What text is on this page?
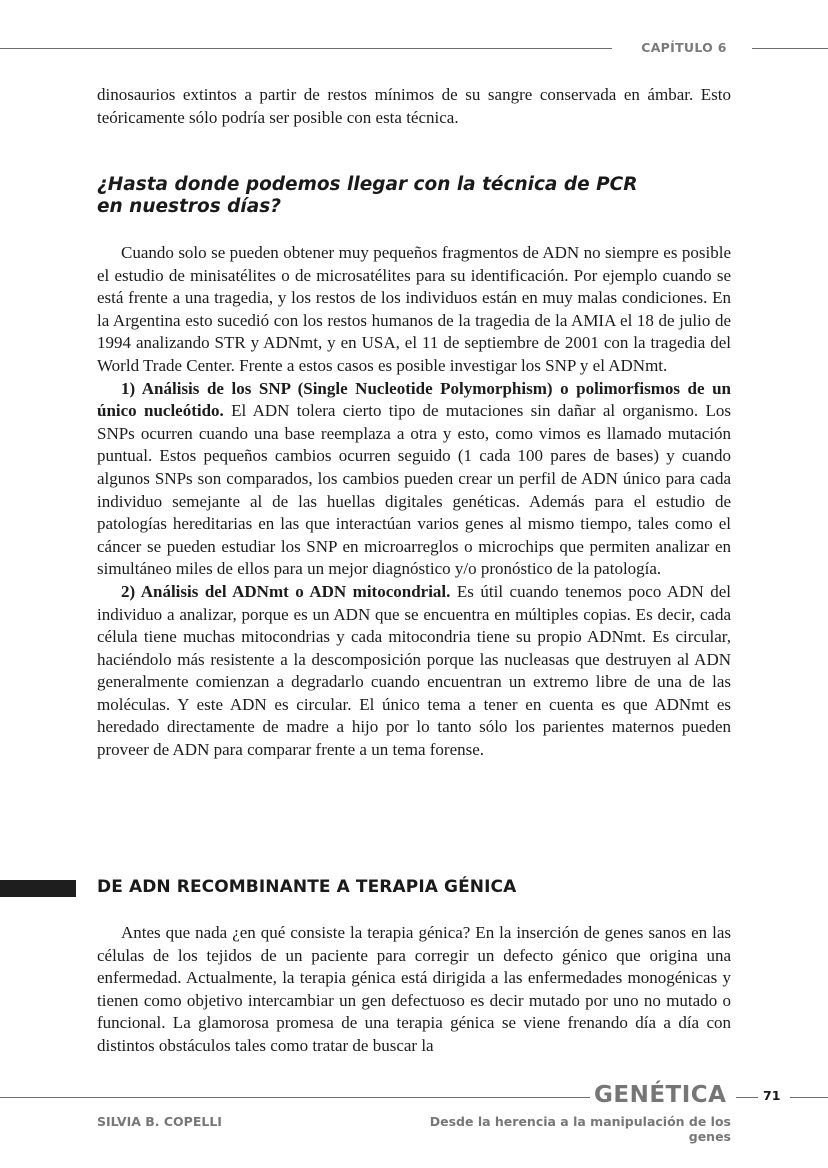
CAPÍTULO 6

dinosaurios extintos a partir de restos mínimos de su sangre conservada en ámbar. Esto teóricamente sólo podría ser posible con esta técnica.

¿Hasta donde podemos llegar con la técnica de PCR en nuestros días?

Cuando solo se pueden obtener muy pequeños fragmentos de ADN no siempre es posible el estudio de minisatélites o de microsatélites para su identificación. Por ejemplo cuando se está frente a una tragedia, y los restos de los individuos están en muy malas condiciones. En la Argentina esto sucedió con los restos humanos de la tragedia de la AMIA el 18 de julio de 1994 analizando STR y ADNmt, y en USA, el 11 de septiembre de 2001 con la tragedia del World Trade Center. Frente a estos casos es posible investigar los SNP y el ADNmt.

1) Análisis de los SNP (Single Nucleotide Polymorphism) o polimorfismos de un único nucleótido. El ADN tolera cierto tipo de mutaciones sin dañar al organismo. Los SNPs ocurren cuando una base reemplaza a otra y esto, como vimos es llamado mutación puntual. Estos pequeños cambios ocurren seguido (1 cada 100 pares de bases) y cuando algunos SNPs son comparados, los cambios pueden crear un perfil de ADN único para cada individuo semejante al de las huellas digitales genéticas. Además para el estudio de patologías hereditarias en las que interactúan varios genes al mismo tiempo, tales como el cáncer se pueden estudiar los SNP en microarreglos o microchips que permiten analizar en simultáneo miles de ellos para un mejor diagnóstico y/o pronóstico de la patología.

2) Análisis del ADNmt o ADN mitocondrial. Es útil cuando tenemos poco ADN del individuo a analizar, porque es un ADN que se encuentra en múltiples copias. Es decir, cada célula tiene muchas mitocondrias y cada mitocondria tiene su propio ADNmt. Es circular, haciéndolo más resistente a la descomposición porque las nucleasas que destruyen al ADN generalmente comienzan a degradarlo cuando encuentran un extremo libre de una de las moléculas. Y este ADN es circular. El único tema a tener en cuenta es que ADNmt es heredado directamente de madre a hijo por lo tanto sólo los parientes maternos pueden proveer de ADN para comparar frente a un tema forense.

DE ADN RECOMBINANTE A TERAPIA GÉNICA

Antes que nada ¿en qué consiste la terapia génica? En la inserción de genes sanos en las células de los tejidos de un paciente para corregir un defecto génico que origina una enfermedad. Actualmente, la terapia génica está dirigida a las enfermedades monogénicas y tienen como objetivo intercambiar un gen defectuoso es decir mutado por uno no mutado o funcional. La glamorosa promesa de una terapia génica se viene frenando día a día con distintos obstáculos tales como tratar de buscar la

GENÉTICA	71
SILVIA B. COPELLI	Desde la herencia a la manipulación de los genes
